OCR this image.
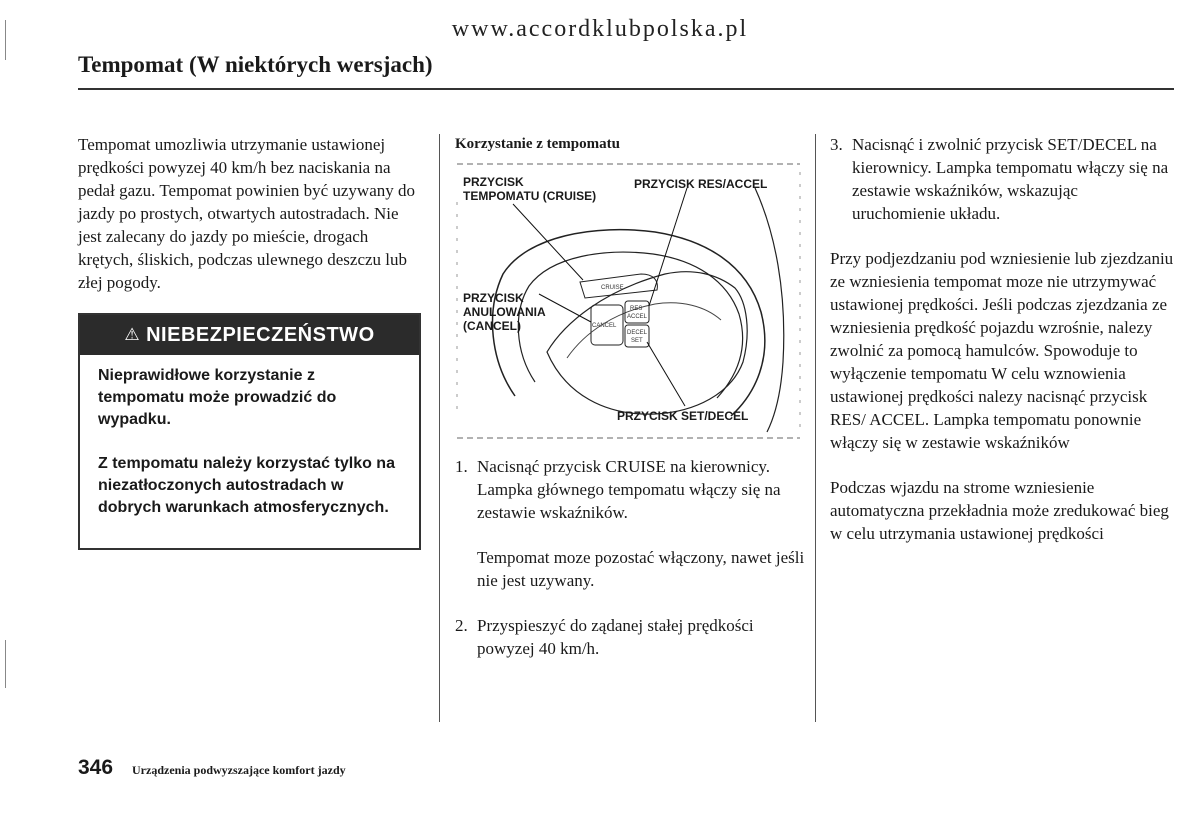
www.accordklubpolska.pl
Tempomat (W niektórych wersjach)

Tempomat umozliwia utrzymanie ustawionej prędkości powyzej 40 km/h bez naciskania na pedał gazu. Tempomat powinien być uzywany do jazdy po prostych, otwartych autostradach. Nie jest zalecany do jazdy po mieście, drogach krętych, śliskich, podczas ulewnego deszczu lub złej pogody.

⚠ NIEBEZPIECZEŃSTWO

Nieprawidłowe korzystanie z tempomatu może prowadzić do wypadku.

Z tempomatu należy korzystać tylko na niezatłoczonych autostradach w dobrych warunkach atmosferycznych.

Korzystanie z tempomatu
CRUISE
CANCEL
RES
ACCEL
DECEL
SET
PRZYCISK
TEMPOMATU (CRUISE)
PRZYCISK RES/ACCEL
PRZYCISK
ANULOWANIA
(CANCEL)
PRZYCISK SET/DECEL
1. Nacisnąć przycisk CRUISE na kierownicy. Lampka głównego tempomatu włączy się na zestawie wskaźników.
Tempomat moze pozostać włączony, nawet jeśli nie jest uzywany.
2. Przyspieszyć do ządanej stałej prędkości powyzej 40 km/h.
3. Nacisnąć i zwolnić przycisk SET/DECEL na kierownicy. Lampka tempomatu włączy się na zestawie wskaźników, wskazując uruchomienie układu.

Przy podjezdzaniu pod wzniesienie lub zjezdzaniu ze wzniesienia tempomat moze nie utrzymywać ustawionej prędkości. Jeśli podczas zjezdzania ze wzniesienia prędkość pojazdu wzrośnie, nalezy zwolnić za pomocą hamulców. Spowoduje to wyłączenie tempomatu W celu wznowienia ustawionej prędkości nalezy nacisnąć przycisk RES/ ACCEL. Lampka tempomatu ponownie włączy się w zestawie wskaźników

Podczas wjazdu na strome wzniesienie automatyczna przekładnia może zredukować bieg w celu utrzymania ustawionej prędkości

346 Urządzenia podwyzszające komfort jazdy
